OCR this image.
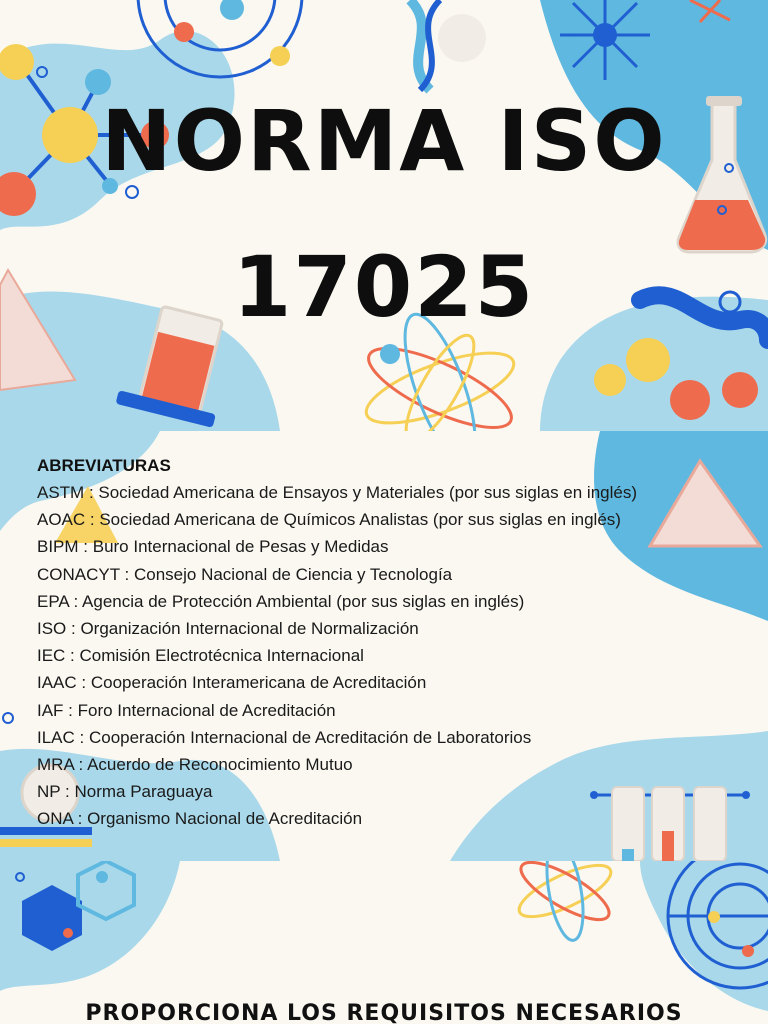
NORMA ISO
17025
ABREVIATURAS
ASTM : Sociedad Americana de Ensayos y Materiales (por sus siglas en inglés)
AOAC : Sociedad Americana de Químicos Analistas (por sus siglas en inglés)
BIPM : Buro Internacional de Pesas y Medidas
CONACYT : Consejo Nacional de Ciencia y Tecnología
EPA : Agencia de Protección Ambiental (por sus siglas en inglés)
ISO : Organización Internacional de Normalización
IEC : Comisión Electrotécnica Internacional
IAAC : Cooperación Interamericana de Acreditación
IAF : Foro Internacional de Acreditación
ILAC : Cooperación Internacional de Acreditación de Laboratorios
MRA : Acuerdo de Reconocimiento Mutuo
NP : Norma Paraguaya
ONA : Organismo Nacional de Acreditación
PROPORCIONA LOS REQUISITOS NECESARIOS
